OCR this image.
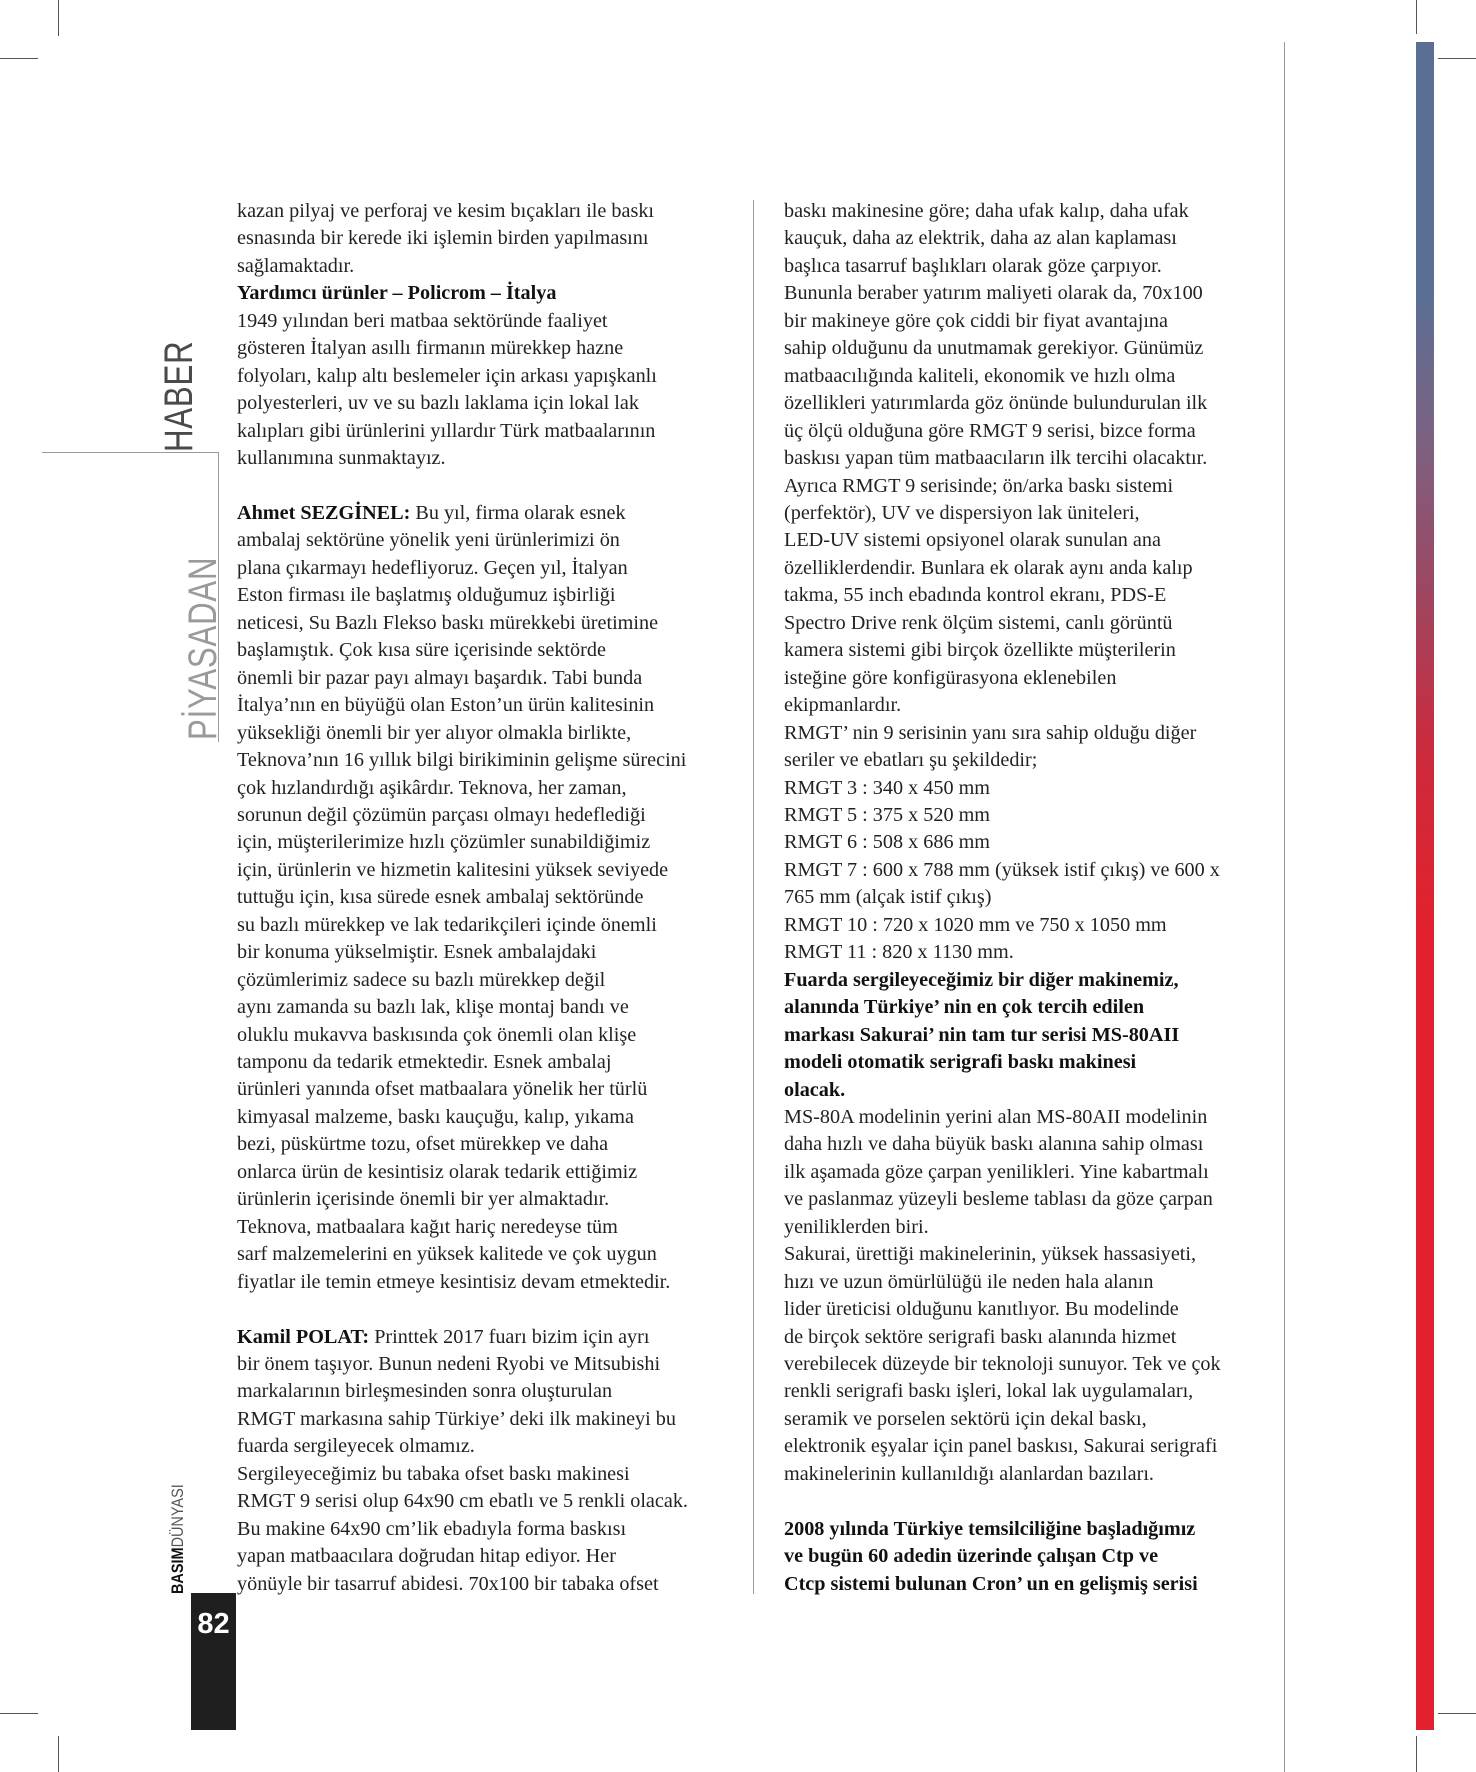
HABER
PİYASADAN
BASIMDÜNYASI
82

kazan pilyaj ve perforaj ve kesim bıçakları ile baskı

esnasında bir kerede iki işlemin birden yapılmasını

sağlamaktadır.

Yardımcı ürünler – Policrom – İtalya

1949 yılından beri matbaa sektöründe faaliyet

gösteren İtalyan asıllı firmanın mürekkep hazne

folyoları, kalıp altı beslemeler için arkası yapışkanlı

polyesterleri, uv ve su bazlı laklama için lokal lak

kalıpları gibi ürünlerini yıllardır Türk matbaalarının

kullanımına sunmaktayız.

Ahmet SEZGİNEL: Bu yıl, firma olarak esnek

ambalaj sektörüne yönelik yeni ürünlerimizi ön

plana çıkarmayı hedefliyoruz. Geçen yıl, İtalyan

Eston firması ile başlatmış olduğumuz işbirliği

neticesi, Su Bazlı Flekso baskı mürekkebi üretimine

başlamıştık. Çok kısa süre içerisinde sektörde

önemli bir pazar payı almayı başardık. Tabi bunda

İtalya’nın en büyüğü olan Eston’un ürün kalitesinin

yüksekliği önemli bir yer alıyor olmakla birlikte,

Teknova’nın 16 yıllık bilgi birikiminin gelişme sürecini

çok hızlandırdığı aşikârdır. Teknova, her zaman,

sorunun değil çözümün parçası olmayı hedeflediği

için, müşterilerimize hızlı çözümler sunabildiğimiz

için, ürünlerin ve hizmetin kalitesini yüksek seviyede

tuttuğu için, kısa sürede esnek ambalaj sektöründe

su bazlı mürekkep ve lak tedarikçileri içinde önemli

bir konuma yükselmiştir. Esnek ambalajdaki

çözümlerimiz sadece su bazlı mürekkep değil

aynı zamanda su bazlı lak, klişe montaj bandı ve

oluklu mukavva baskısında çok önemli olan klişe

tamponu da tedarik etmektedir. Esnek ambalaj

ürünleri yanında ofset matbaalara yönelik her türlü

kimyasal malzeme, baskı kauçuğu, kalıp, yıkama

bezi, püskürtme tozu, ofset mürekkep ve daha

onlarca ürün de kesintisiz olarak tedarik ettiğimiz

ürünlerin içerisinde önemli bir yer almaktadır.

Teknova, matbaalara kağıt hariç neredeyse tüm

sarf malzemelerini en yüksek kalitede ve çok uygun

fiyatlar ile temin etmeye kesintisiz devam etmektedir.

Kamil POLAT: Printtek 2017 fuarı bizim için ayrı

bir önem taşıyor. Bunun nedeni Ryobi ve Mitsubishi

markalarının birleşmesinden sonra oluşturulan

RMGT markasına sahip Türkiye’ deki ilk makineyi bu

fuarda sergileyecek olmamız.

Sergileyeceğimiz bu tabaka ofset baskı makinesi

RMGT 9 serisi olup 64x90 cm ebatlı ve 5 renkli olacak.

Bu makine 64x90 cm’lik ebadıyla forma baskısı

yapan matbaacılara doğrudan hitap ediyor. Her

yönüyle bir tasarruf abidesi. 70x100 bir tabaka ofset

baskı makinesine göre; daha ufak kalıp, daha ufak

kauçuk, daha az elektrik, daha az alan kaplaması

başlıca tasarruf başlıkları olarak göze çarpıyor.

Bununla beraber yatırım maliyeti olarak da, 70x100

bir makineye göre çok ciddi bir fiyat avantajına

sahip olduğunu da unutmamak gerekiyor. Günümüz

matbaacılığında kaliteli, ekonomik ve hızlı olma

özellikleri yatırımlarda göz önünde bulundurulan ilk

üç ölçü olduğuna göre RMGT 9 serisi, bizce forma

baskısı yapan tüm matbaacıların ilk tercihi olacaktır.

Ayrıca RMGT 9 serisinde; ön/arka baskı sistemi

(perfektör), UV ve dispersiyon lak üniteleri,

LED-UV sistemi opsiyonel olarak sunulan ana

özelliklerdendir. Bunlara ek olarak aynı anda kalıp

takma, 55 inch ebadında kontrol ekranı, PDS-E

Spectro Drive renk ölçüm sistemi, canlı görüntü

kamera sistemi gibi birçok özellikte müşterilerin

isteğine göre konfigürasyona eklenebilen

ekipmanlardır.

RMGT’ nin 9 serisinin yanı sıra sahip olduğu diğer

seriler ve ebatları şu şekildedir;

RMGT 3 : 340 x 450 mm

RMGT 5 : 375 x 520 mm

RMGT 6 : 508 x 686 mm

RMGT 7 : 600 x 788 mm (yüksek istif çıkış) ve 600 x

765 mm (alçak istif çıkış)

RMGT 10 : 720 x 1020 mm ve 750 x 1050 mm

RMGT 11 : 820 x 1130 mm.

Fuarda sergileyeceğimiz bir diğer makinemiz,

alanında Türkiye’ nin en çok tercih edilen

markası Sakurai’ nin tam tur serisi MS-80AII

modeli otomatik serigrafi baskı makinesi

olacak.

MS-80A modelinin yerini alan MS-80AII modelinin

daha hızlı ve daha büyük baskı alanına sahip olması

ilk aşamada göze çarpan yenilikleri. Yine kabartmalı

ve paslanmaz yüzeyli besleme tablası da göze çarpan

yeniliklerden biri.

Sakurai, ürettiği makinelerinin, yüksek hassasiyeti,

hızı ve uzun ömürlülüğü ile neden hala alanın

lider üreticisi olduğunu kanıtlıyor. Bu modelinde

de birçok sektöre serigrafi baskı alanında hizmet

verebilecek düzeyde bir teknoloji sunuyor. Tek ve çok

renkli serigrafi baskı işleri, lokal lak uygulamaları,

seramik ve porselen sektörü için dekal baskı,

elektronik eşyalar için panel baskısı, Sakurai serigrafi

makinelerinin kullanıldığı alanlardan bazıları.

2008 yılında Türkiye temsilciliğine başladığımız

ve bugün 60 adedin üzerinde çalışan Ctp ve

Ctcp sistemi bulunan Cron’ un en gelişmiş serisi
